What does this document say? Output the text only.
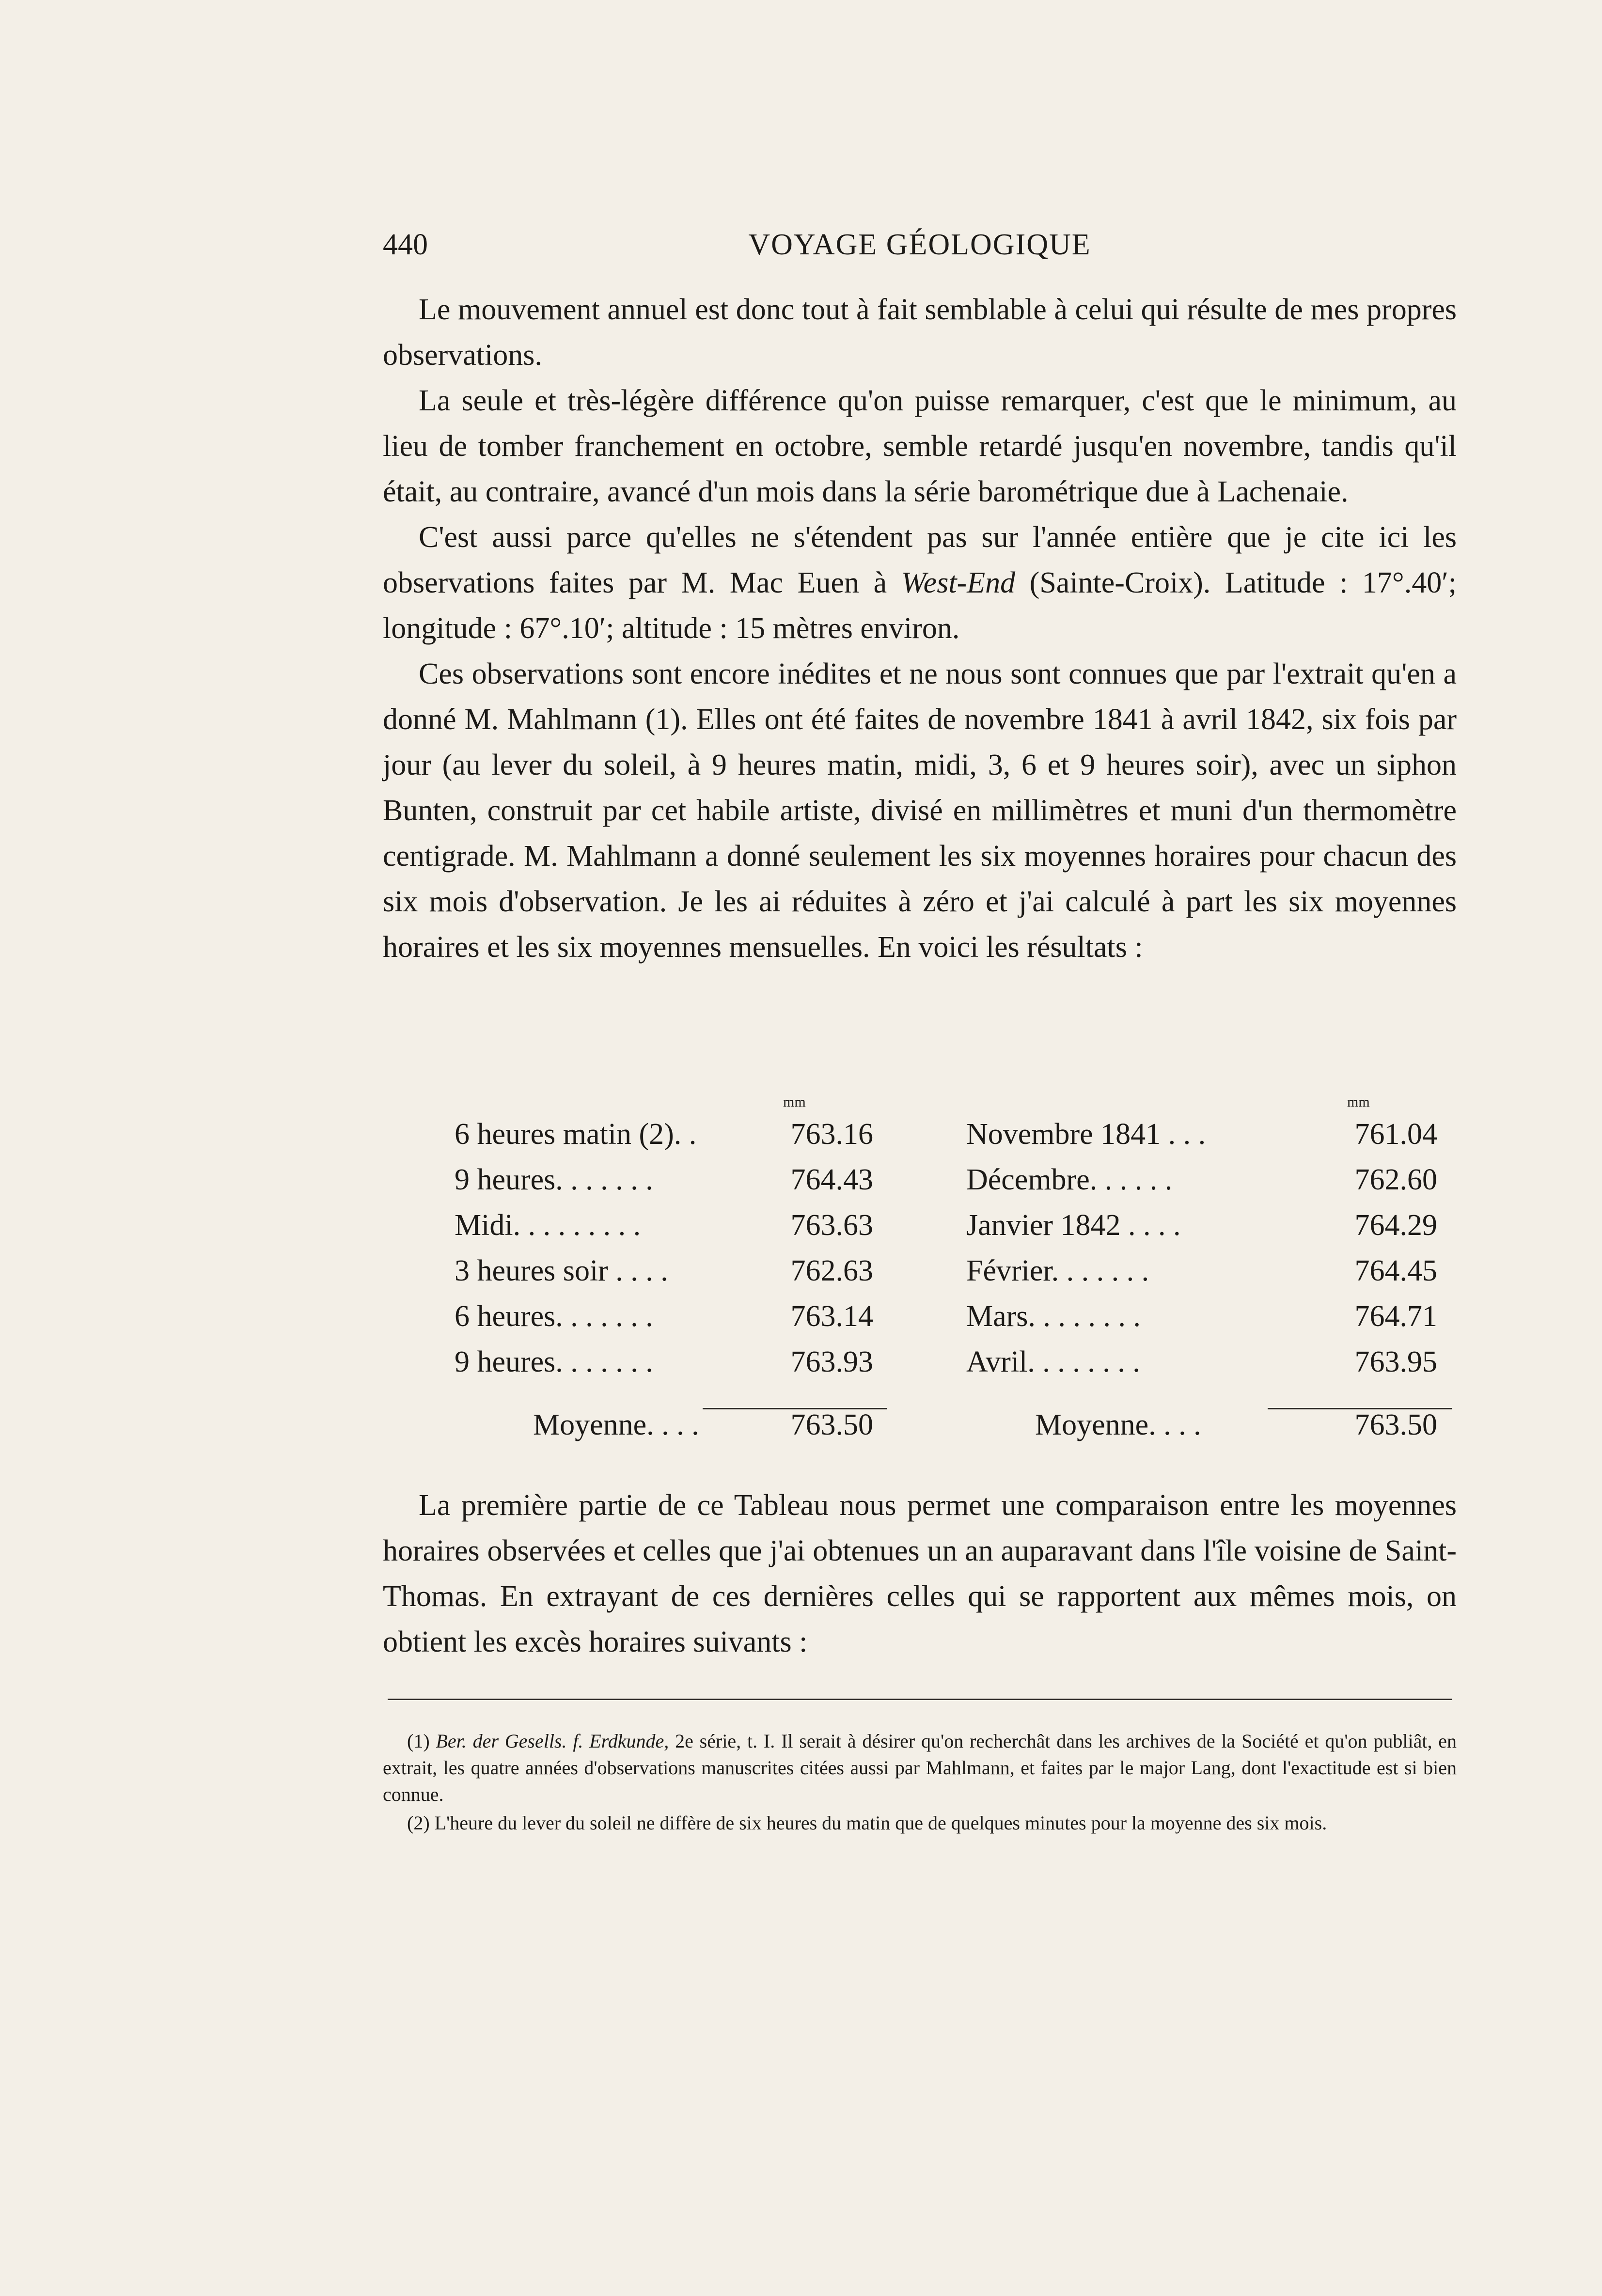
440	VOYAGE GÉOLOGIQUE

Le mouvement annuel est donc tout à fait semblable à celui qui résulte de mes propres observations.

La seule et très-légère différence qu'on puisse remarquer, c'est que le minimum, au lieu de tomber franchement en octobre, semble retardé jusqu'en novembre, tandis qu'il était, au contraire, avancé d'un mois dans la série barométrique due à Lachenaie.

C'est aussi parce qu'elles ne s'étendent pas sur l'année entière que je cite ici les observations faites par M. Mac Euen à West-End (Sainte-Croix). Latitude : 17°.40′; longitude : 67°.10′; altitude : 15 mètres environ.

Ces observations sont encore inédites et ne nous sont connues que par l'extrait qu'en a donné M. Mahlmann (1). Elles ont été faites de novembre 1841 à avril 1842, six fois par jour (au lever du soleil, à 9 heures matin, midi, 3, 6 et 9 heures soir), avec un siphon Bunten, construit par cet habile artiste, divisé en millimètres et muni d'un thermomètre centigrade. M. Mahlmann a donné seulement les six moyennes horaires pour chacun des six mois d'observation. Je les ai réduites à zéro et j'ai calculé à part les six moyennes horaires et les six moyennes mensuelles. En voici les résultats :

mm	mm
6 heures matin (2). .	763.16	Novembre 1841 . . .	761.04
9 heures. . . . . . .	764.43	Décembre. . . . . .	762.60
Midi. . . . . . . . .	763.63	Janvier 1842 . . . .	764.29
3 heures soir . . . .	762.63	Février. . . . . . .	764.45
6 heures. . . . . . .	763.14	Mars. . . . . . . .	764.71
9 heures. . . . . . .	763.93	Avril. . . . . . . .	763.95
Moyenne. . . .	763.50	Moyenne. . . .	763.50

La première partie de ce Tableau nous permet une comparaison entre les moyennes horaires observées et celles que j'ai obtenues un an auparavant dans l'île voisine de Saint-Thomas. En extrayant de ces dernières celles qui se rapportent aux mêmes mois, on obtient les excès horaires suivants :

(1) Ber. der Gesells. f. Erdkunde, 2e série, t. I. Il serait à désirer qu'on recherchât dans les archives de la Société et qu'on publiât, en extrait, les quatre années d'observations manuscrites citées aussi par Mahlmann, et faites par le major Lang, dont l'exactitude est si bien connue.

(2) L'heure du lever du soleil ne diffère de six heures du matin que de quelques minutes pour la moyenne des six mois.
